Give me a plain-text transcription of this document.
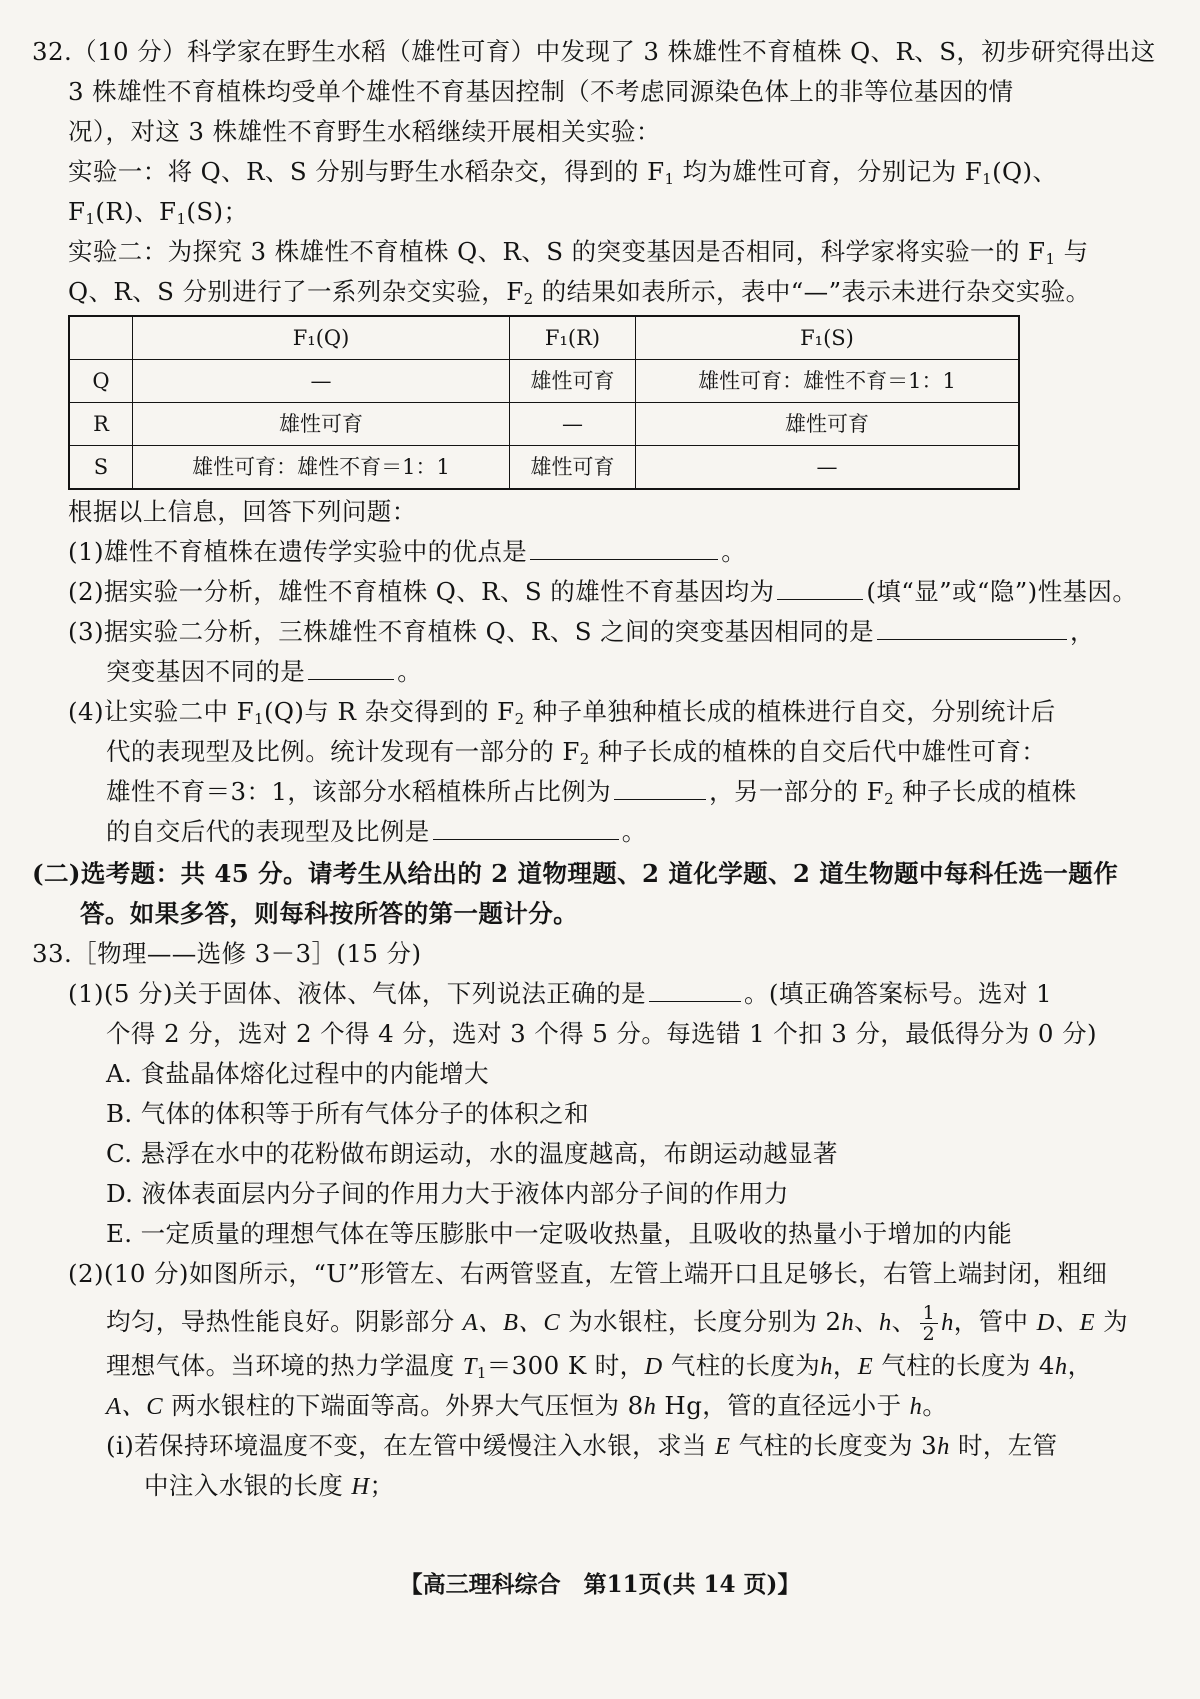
32.（10 分）科学家在野生水稻（雄性可育）中发现了 3 株雄性不育植株 Q、R、S，初步研究得出这
3 株雄性不育植株均受单个雄性不育基因控制（不考虑同源染色体上的非等位基因的情
况），对这 3 株雄性不育野生水稻继续开展相关实验：
实验一：将 Q、R、S 分别与野生水稻杂交，得到的 $F_1$ 均为雄性可育，分别记为 $F_1(Q)$、
$F_1(R)$、$F_1(S)$；
实验二：为探究 3 株雄性不育植株 Q、R、S 的突变基因是否相同，科学家将实验一的 $F_1$ 与
Q、R、S 分别进行了一系列杂交实验，$F_2$ 的结果如表所示，表中“—”表示未进行杂交实验。
	F₁(Q)	F₁(R)	F₁(S)
Q	—	雄性可育	雄性可育：雄性不育＝1：1
R	雄性可育	—	雄性可育
S	雄性可育：雄性不育＝1：1	雄性可育	—
根据以上信息，回答下列问题：
(1)雄性不育植株在遗传学实验中的优点是	。
(2)据实验一分析，雄性不育植株 Q、R、S 的雄性不育基因均为	(填“显”或“隐”)性基因。
(3)据实验二分析，三株雄性不育植株 Q、R、S 之间的突变基因相同的是	，
突变基因不同的是	。
(4)让实验二中 $F_1(Q)$与 R 杂交得到的 $F_2$ 种子单独种植长成的植株进行自交，分别统计后
代的表现型及比例。统计发现有一部分的 $F_2$ 种子长成的植株的自交后代中雄性可育：
雄性不育＝3：1，该部分水稻植株所占比例为	，另一部分的 $F_2$ 种子长成的植株
的自交后代的表现型及比例是	。
(二)选考题：共 45 分。请考生从给出的 2 道物理题、2 道化学题、2 道生物题中每科任选一题作
答。如果多答，则每科按所答的第一题计分。
33.［物理——选修 3－3］(15 分)
(1)(5 分)关于固体、液体、气体，下列说法正确的是	。(填正确答案标号。选对 1
个得 2 分，选对 2 个得 4 分，选对 3 个得 5 分。每选错 1 个扣 3 分，最低得分为 0 分)
A. 食盐晶体熔化过程中的内能增大
B. 气体的体积等于所有气体分子的体积之和
C. 悬浮在水中的花粉做布朗运动，水的温度越高，布朗运动越显著
D. 液体表面层内分子间的作用力大于液体内部分子间的作用力
E. 一定质量的理想气体在等压膨胀中一定吸收热量，且吸收的热量小于增加的内能
(2)(10 分)如图所示，“U”形管左、右两管竖直，左管上端开口且足够长，右管上端封闭，粗细
均匀，导热性能良好。阴影部分 A、B、C 为水银柱，长度分别为 2h、h、 $\frac{1}{2}$ h，管中 D、E 为
理想气体。当环境的热力学温度 $T_1=300$ K 时，D 气柱的长度为h，E 气柱的长度为 4h，
A、C 两水银柱的下端面等高。外界大气压恒为 8h Hg，管的直径远小于 h。
(ⅰ)若保持环境温度不变，在左管中缓慢注入水银，求当 E 气柱的长度变为 3h 时，左管
中注入水银的长度 H；
【高三理科综合　第11页(共 14 页)】
